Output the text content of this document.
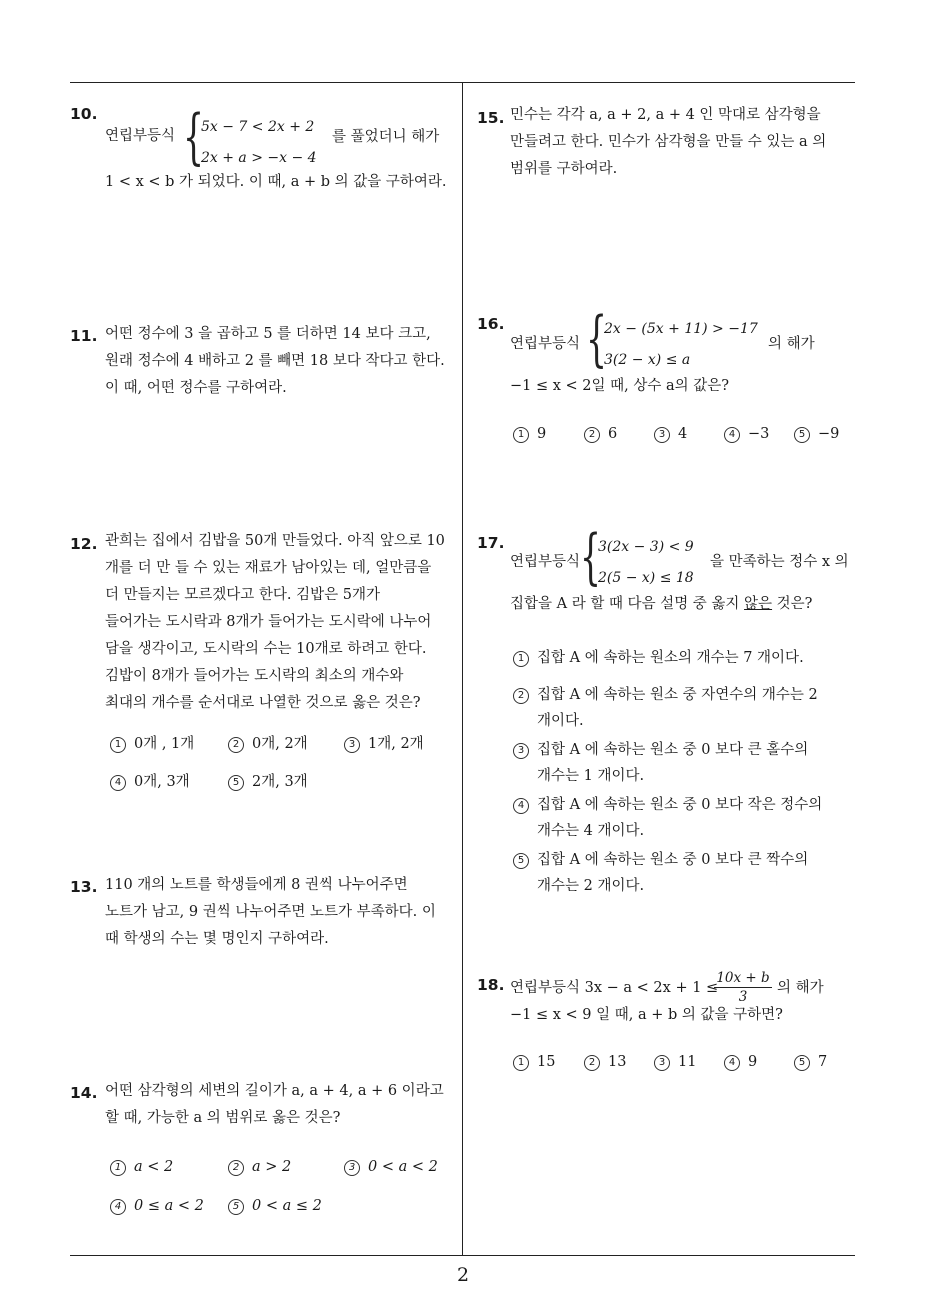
10.
연립부등식 {
5x − 7 < 2x + 2
2x + a > −x − 4
를 풀었더니 해가
1 < x < b 가 되었다. 이 때, a + b 의 값을 구하여라.
11. 어떤 정수에 3 을 곱하고 5 를 더하면 14 보다 크고,
원래 정수에 4 배하고 2 를 빼면 18 보다 작다고 한다.
이 때, 어떤 정수를 구하여라.
12. 관희는 집에서 김밥을 50개 만들었다. 아직 앞으로 10
개를 더 만 들 수 있는 재료가 남아있는 데, 얼만큼을
더 만들지는 모르겠다고 한다. 김밥은 5개가
들어가는 도시락과 8개가 들어가는 도시락에 나누어
담을 생각이고, 도시락의 수는 10개로 하려고 한다.
김밥이 8개가 들어가는 도시락의 최소의 개수와
최대의 개수를 순서대로 나열한 것으로 옳은 것은?
1 0개 , 1개	2 0개, 2개	3 1개, 2개
4 0개, 3개	5 2개, 3개
13. 110 개의 노트를 학생들에게 8 권씩 나누어주면
노트가 남고, 9 권씩 나누어주면 노트가 부족하다. 이
때 학생의 수는 몇 명인지 구하여라.
14. 어떤 삼각형의 세변의 길이가 a, a + 4, a + 6 이라고
할 때, 가능한 a 의 범위로 옳은 것은?
1 a < 2	2 a > 2	3 0 < a < 2
4 0 ≤ a < 2	5 0 < a ≤ 2
15. 민수는 각각 a, a + 2, a + 4 인 막대로 삼각형을
만들려고 한다. 민수가 삼각형을 만들 수 있는 a 의
범위를 구하여라.
16.
연립부등식 {
2x − (5x + 11) > −17
3(2 − x) ≤ a
의 해가
−1 ≤ x < 2일 때, 상수 a의 값은?
1 9	2 6	3 4	4 −3	5 −9
17.
연립부등식 {
3(2x − 3) < 9
2(5 − x) ≤ 18
을 만족하는 정수 x 의
집합을 A 라 할 때 다음 설명 중 옳지 않은 것은?
1 집합 A 에 속하는 원소의 개수는 7 개이다.
2 집합 A 에 속하는 원소 중 자연수의 개수는 2
개이다.
3 집합 A 에 속하는 원소 중 0 보다 큰 홀수의
개수는 1 개이다.
4 집합 A 에 속하는 원소 중 0 보다 작은 정수의
개수는 4 개이다.
5 집합 A 에 속하는 원소 중 0 보다 큰 짝수의
개수는 2 개이다.
18. 연립부등식 3x − a < 2x + 1 ≤
$\frac{10x + b}{3}$ 의 해가
−1 ≤ x < 9 일 때, a + b 의 값을 구하면?
1 15	2 13	3 11	4 9	5 7
2
